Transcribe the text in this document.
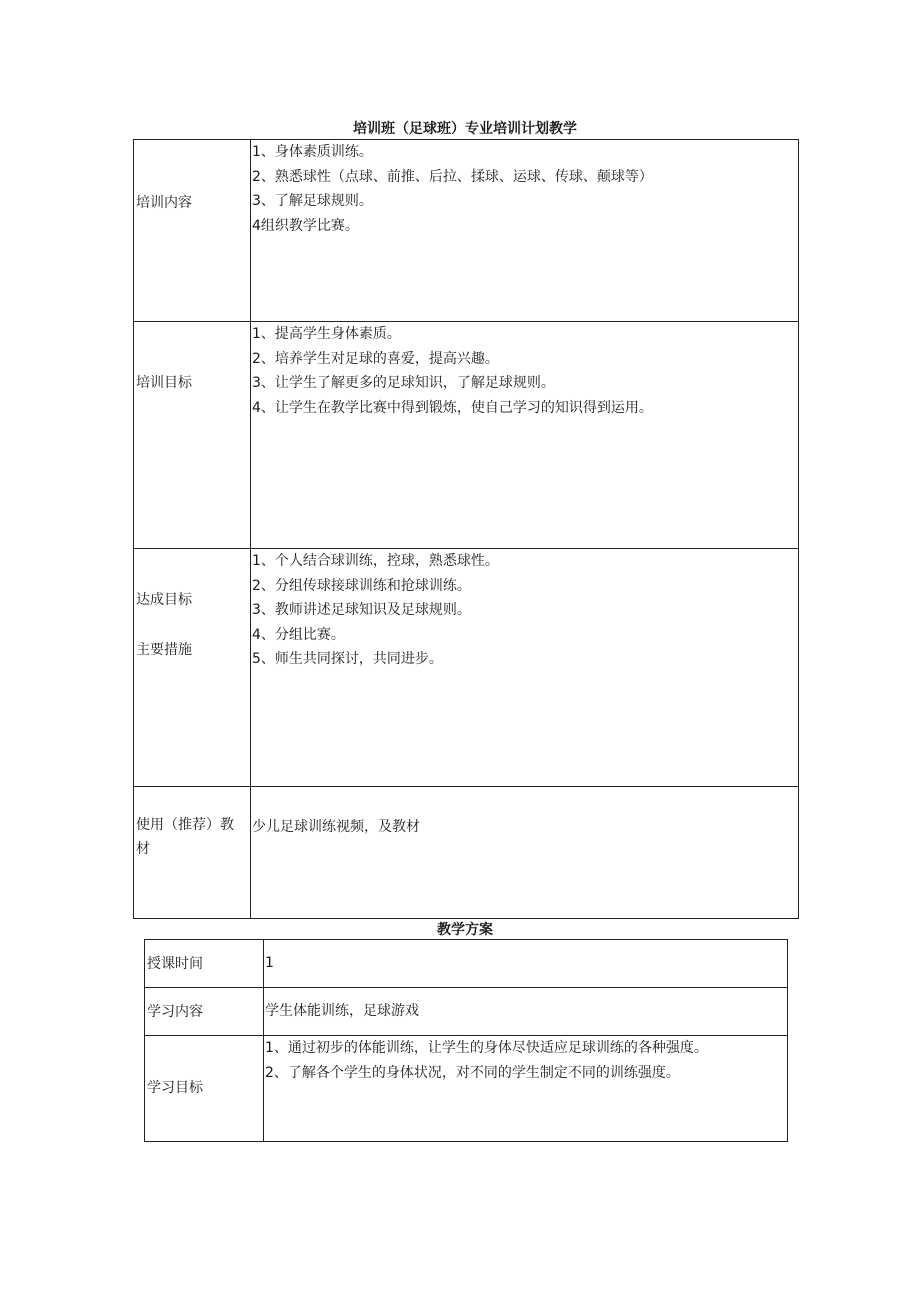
培训班（足球班）专业培训计划教学
培训内容	1、身体素质训练。
2、熟悉球性（点球、前推、后拉、揉球、运球、传球、颠球等）
3、了解足球规则。
4组织教学比赛。

培训目标	1、提高学生身体素质。
2、培养学生对足球的喜爱，提高兴趣。
3、让学生了解更多的足球知识，了解足球规则。
4、让学生在教学比赛中得到锻炼，使自己学习的知识得到运用。

达成目标
主要措施	1、个人结合球训练，控球，熟悉球性。
2、分组传球接球训练和抢球训练。
3、教师讲述足球知识及足球规则。
4、分组比赛。
5、师生共同探讨，共同进步。

使用（推荐）教
材	少儿足球训练视频，及教材
教学方案
授课时间	1

学习内容	学生体能训练，足球游戏

学习目标	1、通过初步的体能训练，让学生的身体尽快适应足球训练的各种强度。
2、了解各个学生的身体状况，对不同的学生制定不同的训练强度。
